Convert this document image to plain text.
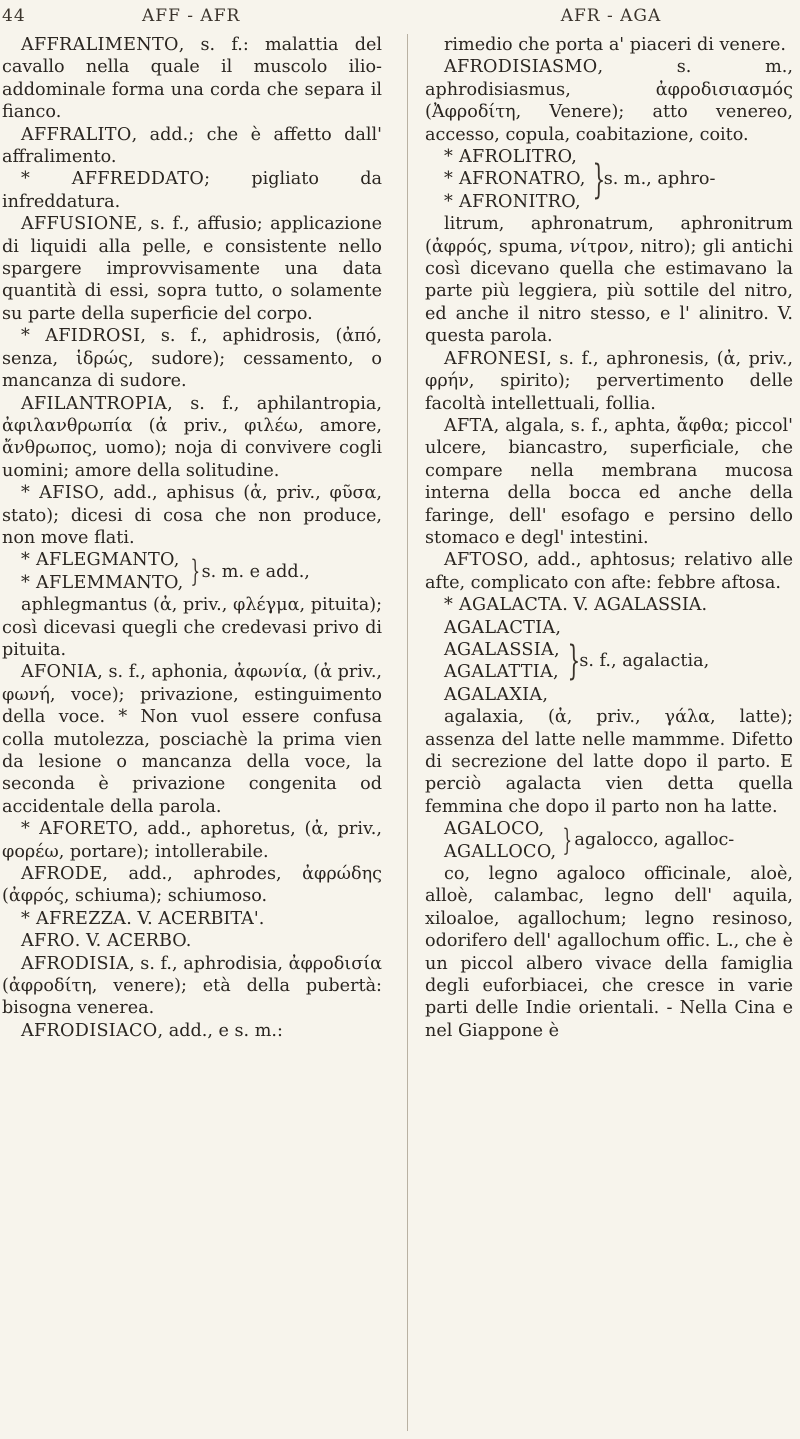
44	AFF - AFR	AFR - AGA

AFFRALIMENTO, s. f.: malattia del cavallo nella quale il muscolo ilio-addominale forma una corda che separa il fianco.

AFFRALITO, add.; che è affetto dall' affralimento.

* AFFREDDATO; pigliato da infreddatura.

AFFUSIONE, s. f., affusio; applicazione di liquidi alla pelle, e consistente nello spargere improvvisamente una data quantità di essi, sopra tutto, o solamente su parte della superficie del corpo.

* AFIDROSI, s. f., aphidrosis, (ἀπό, senza, ἱδρώς, sudore); cessamento, o mancanza di sudore.

AFILANTROPIA, s. f., aphilantropia, ἀφιλανθρωπία (ἀ priv., φιλέω, amore, ἄνθρωπος, uomo); noja di convivere cogli uomini; amore della solitudine.

* AFISO, add., aphisus (ἀ, priv., φῦσα, stato); dicesi di cosa che non produce, non move flati.

* AFLEGMANTO,
* AFLEMMANTO, } s. m. e add.,

aphlegmantus (ἀ, priv., φλέγμα, pituita); così dicevasi quegli che credevasi privo di pituita.

AFONIA, s. f., aphonia, ἀφωνία, (ἀ priv., φωνή, voce); privazione, estinguimento della voce. * Non vuol essere confusa colla mutolezza, posciachè la prima vien da lesione o mancanza della voce, la seconda è privazione congenita od accidentale della parola.

* AFORETO, add., aphoretus, (ἀ, priv., φορέω, portare); intollerabile.

AFRODE, add., aphrodes, ἀφρώδης (ἀφρός, schiuma); schiumoso.

* AFREZZA. V. ACERBITA'.

AFRO. V. ACERBO.

AFRODISIA, s. f., aphrodisia, ἀφροδισία (ἀφροδίτη, venere); età della pubertà: bisogna venerea.

AFRODISIACO, add., e s. m.:

rimedio che porta a' piaceri di venere.

AFRODISIASMO, s. m., aphrodisiasmus, ἀφροδισιασμός (Ἀφροδίτη, Venere); atto venereo, accesso, copula, coabitazione, coito.

* AFROLITRO,
* AFRONATRO,
* AFRONITRO, }
s. m., aphro-

litrum, aphronatrum, aphronitrum (ἀφρός, spuma, νίτρον, nitro); gli antichi così dicevano quella che estimavano la parte più leggiera, più sottile del nitro, ed anche il nitro stesso, e l' alinitro. V. questa parola.

AFRONESI, s. f., aphronesis, (ἀ, priv., φρήν, spirito); pervertimento delle facoltà intellettuali, follia.

AFTA, algala, s. f., aphta, ἄφθα; piccol' ulcere, biancastro, superficiale, che compare nella membrana mucosa interna della bocca ed anche della faringe, dell' esofago e persino dello stomaco e degl' intestini.

AFTOSO, add., aphtosus; relativo alle afte, complicato con afte: febbre aftosa.

* AGALACTA. V. AGALASSIA.

AGALACTIA,
AGALASSIA,
AGALATTIA,
AGALAXIA,
}
s. f., agalactia,

agalaxia, (ἀ, priv., γάλα, latte); assenza del latte nelle mammme. Difetto di secrezione del latte dopo il parto. E perciò agalacta vien detta quella femmina che dopo il parto non ha latte.

AGALOCO,
AGALLOCO, } agalocco, agalloc-

co, legno agaloco officinale, aloè, alloè, calambac, legno dell' aquila, xiloaloe, agallochum; legno resinoso, odorifero dell' agallochum offic. L., che è un piccol albero vivace della famiglia degli euforbiacei, che cresce in varie parti delle Indie orientali. - Nella Cina e nel Giappone è
